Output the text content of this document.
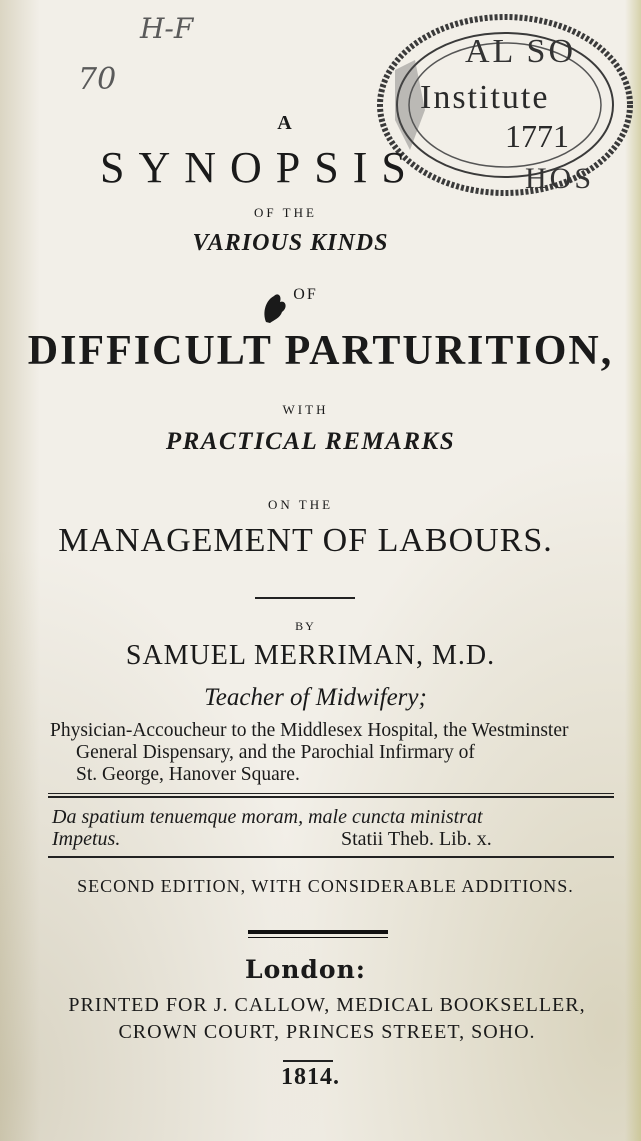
70
H-F
AL SO
Institute
1771
HOS
A
SYNOPSIS
OF THE
VARIOUS KINDS
OF
DIFFICULT PARTURITION,
WITH
PRACTICAL REMARKS
ON THE
MANAGEMENT OF LABOURS.
BY
SAMUEL MERRIMAN, M.D.
Teacher of Midwifery;
Physician-Accoucheur to the Middlesex Hospital, the Westminster
General Dispensary, and the Parochial Infirmary of
St. George, Hanover Square.
Da spatium tenuemque moram, male cuncta ministrat
Impetus.	Statii Theb. Lib. x.
SECOND EDITION, WITH CONSIDERABLE ADDITIONS.
London:
PRINTED FOR J. CALLOW, MEDICAL BOOKSELLER,
CROWN COURT, PRINCES STREET, SOHO.
1814.
